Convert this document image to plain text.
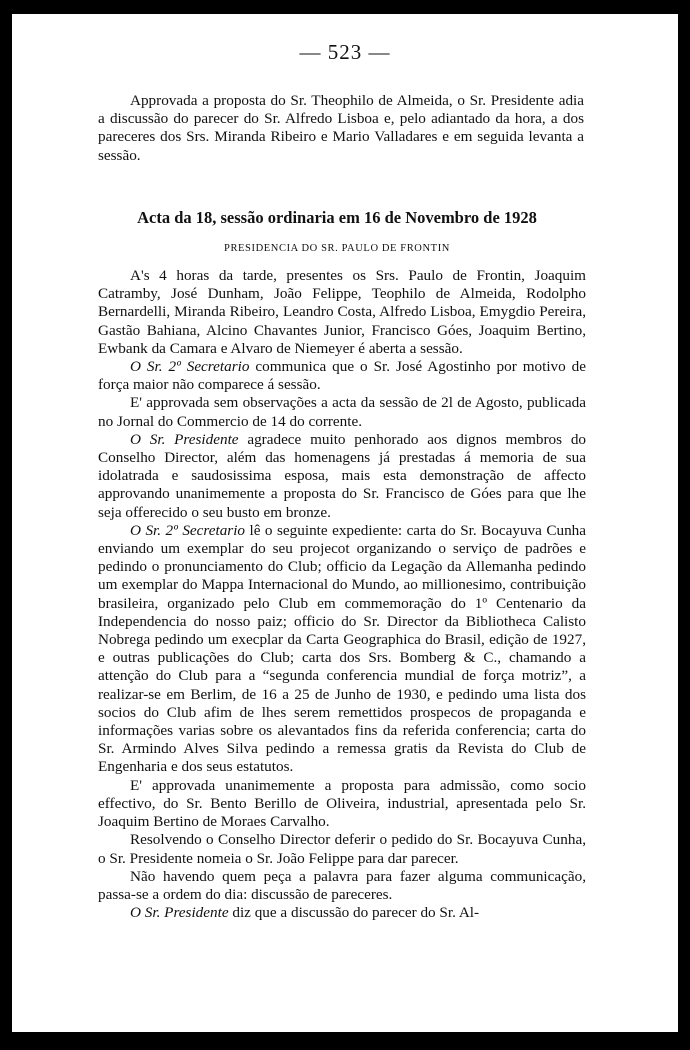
— 523 —

Approvada a proposta do Sr. Theophilo de Almeida, o Sr. Presidente adia a discussão do parecer do Sr. Alfredo Lisboa e, pelo adiantado da hora, a dos pareceres dos Srs. Miranda Ribeiro e Mario Valladares e em seguida levanta a sessão.

Acta da 18, sessão ordinaria em 16 de Novembro de 1928
PRESIDENCIA DO SR. PAULO DE FRONTIN

A's 4 horas da tarde, presentes os Srs. Paulo de Frontin, Joaquim Catramby, José Dunham, João Felippe, Teophilo de Almeida, Rodolpho Bernardelli, Miranda Ribeiro, Leandro Costa, Alfredo Lisboa, Emygdio Pereira, Gastão Bahiana, Alcino Chavantes Junior, Francisco Góes, Joaquim Bertino, Ewbank da Camara e Alvaro de Niemeyer é aberta a sessão.

O Sr. 2º Secretario communica que o Sr. José Agostinho por motivo de força maior não comparece á sessão.

E' approvada sem observações a acta da sessão de 2l de Agosto, publicada no Jornal do Commercio de 14 do corrente.

O Sr. Presidente agradece muito penhorado aos dignos membros do Conselho Director, além das homenagens já prestadas á memoria de sua idolatrada e saudosissima esposa, mais esta demonstração de affecto approvando unanimemente a proposta do Sr. Francisco de Góes para que lhe seja offerecido o seu busto em bronze.

O Sr. 2º Secretario lê o seguinte expediente: carta do Sr. Bocayuva Cunha enviando um exemplar do seu projecot organizando o serviço de padrões e pedindo o pronunciamento do Club; officio da Legação da Allemanha pedindo um exemplar do Mappa Internacional do Mundo, ao millionesimo, contribuição brasileira, organizado pelo Club em commemoração do 1º Centenario da Independencia do nosso paiz; officio do Sr. Director da Bibliotheca Calisto Nobrega pedindo um execplar da Carta Geographica do Brasil, edição de 1927, e outras publicações do Club; carta dos Srs. Bomberg & C., chamando a attenção do Club para a “segunda conferencia mundial de força motriz”, a realizar-se em Berlim, de 16 a 25 de Junho de 1930, e pedindo uma lista dos socios do Club afim de lhes serem remettidos prospecos de propaganda e informações varias sobre os alevantados fins da referida conferencia; carta do Sr. Armindo Alves Silva pedindo a remessa gratis da Revista do Club de Engenharia e dos seus estatutos.

E' approvada unanimemente a proposta para admissão, como socio effectivo, do Sr. Bento Berillo de Oliveira, industrial, apresentada pelo Sr. Joaquim Bertino de Moraes Carvalho.

Resolvendo o Conselho Director deferir o pedido do Sr. Bocayuva Cunha, o Sr. Presidente nomeia o Sr. João Felippe para dar parecer.

Não havendo quem peça a palavra para fazer alguma communicação, passa-se a ordem do dia: discussão de pareceres.

O Sr. Presidente diz que a discussão do parecer do Sr. Al-
